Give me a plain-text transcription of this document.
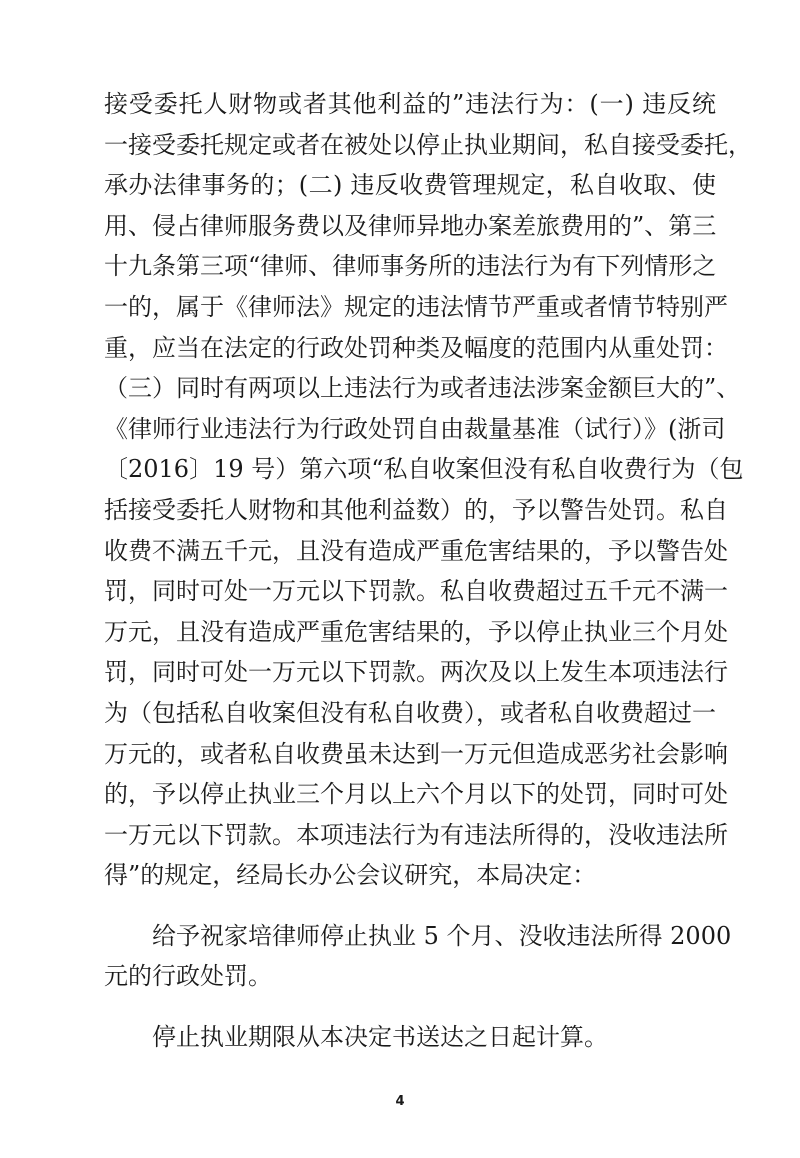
接受委托人财物或者其他利益的”违法行为：(一) 违反统
一接受委托规定或者在被处以停止执业期间，私自接受委托，
承办法律事务的；(二) 违反收费管理规定，私自收取、使
用、侵占律师服务费以及律师异地办案差旅费用的”、第三
十九条第三项“律师、律师事务所的违法行为有下列情形之
一的，属于《律师法》规定的违法情节严重或者情节特别严
重，应当在法定的行政处罚种类及幅度的范围内从重处罚：
（三）同时有两项以上违法行为或者违法涉案金额巨大的”、
《律师行业违法行为行政处罚自由裁量基准（试行）》(浙司
〔2016〕19 号）第六项“私自收案但没有私自收费行为（包
括接受委托人财物和其他利益数）的，予以警告处罚。私自
收费不满五千元，且没有造成严重危害结果的，予以警告处
罚，同时可处一万元以下罚款。私自收费超过五千元不满一
万元，且没有造成严重危害结果的，予以停止执业三个月处
罚，同时可处一万元以下罚款。两次及以上发生本项违法行
为（包括私自收案但没有私自收费），或者私自收费超过一
万元的，或者私自收费虽未达到一万元但造成恶劣社会影响
的，予以停止执业三个月以上六个月以下的处罚，同时可处
一万元以下罚款。本项违法行为有违法所得的，没收违法所
得”的规定，经局长办公会议研究，本局决定：
给予祝家培律师停止执业 5 个月、没收违法所得 2000
元的行政处罚。
停止执业期限从本决定书送达之日起计算。
4
